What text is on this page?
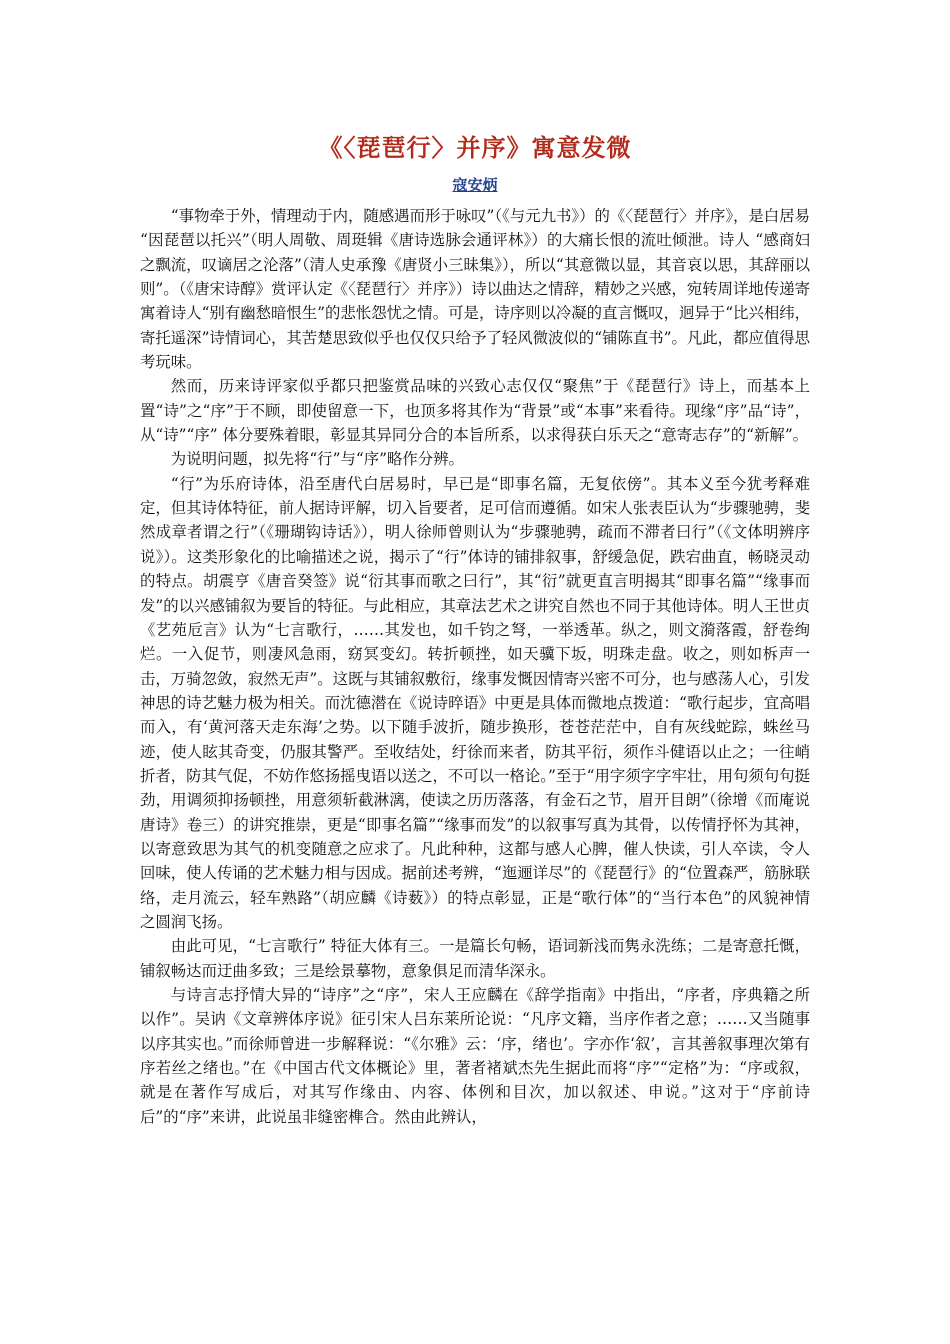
《〈琵琶行〉并序》寓意发微
寇安炳

“事物牵于外，情理动于内，随感遇而形于咏叹”（《与元九书》）的《〈琵琶行〉并序》，是白居易 “因琵琶以托兴”（明人周敬、周珽辑《唐诗选脉会通评林》）的大痛长恨的流吐倾泄。诗人 “感商妇之飘流，叹谪居之沦落”（清人史承豫《唐贤小三昧集》），所以“其意微以显，其音哀以思，其辞丽以则”。（《唐宋诗醇》赏评认定《〈琵琶行〉并序》）诗以曲达之情辞，精妙之兴感，宛转周详地传递寄寓着诗人“别有幽愁暗恨生”的悲怅怨忧之情。可是，诗序则以冷凝的直言慨叹，迥异于“比兴相纬，寄托遥深”诗情词心，其苦楚思致似乎也仅仅只给予了轻风微波似的“铺陈直书”。凡此，都应值得思考玩味。

然而，历来诗评家似乎都只把鉴赏品味的兴致心志仅仅“聚焦”于《琵琶行》诗上，而基本上置“诗”之“序”于不顾，即使留意一下，也顶多将其作为“背景”或“本事”来看待。现缘“序”品“诗”，从“诗”“序” 体分要殊着眼，彰显其异同分合的本旨所系，以求得获白乐天之“意寄志存”的“新解”。

为说明问题，拟先将“行”与“序”略作分辨。

“行”为乐府诗体，沿至唐代白居易时，早已是“即事名篇，无复依傍”。其本义至今犹考释难定，但其诗体特征，前人据诗评解，切入旨要者，足可信而遵循。如宋人张表臣认为“步骤驰骋，斐然成章者谓之行”（《珊瑚钩诗话》），明人徐师曾则认为“步骤驰骋，疏而不滞者曰行”（《文体明辨序说》）。这类形象化的比喻描述之说，揭示了“行”体诗的铺排叙事，舒缓急促，跌宕曲直，畅晓灵动的特点。胡震亨《唐音癸签》说“衍其事而歌之曰行”，其“衍”就更直言明揭其“即事名篇”“缘事而发”的以兴感铺叙为要旨的特征。与此相应，其章法艺术之讲究自然也不同于其他诗体。明人王世贞《艺苑卮言》认为“七言歌行，……其发也，如千钧之弩，一举透革。纵之，则文漪落霞，舒卷绚烂。一入促节，则凄风急雨，窈冥变幻。转折顿挫，如天骥下坂，明珠走盘。收之，则如柝声一击，万骑忽敛，寂然无声”。这既与其铺叙敷衍，缘事发慨因情寄兴密不可分，也与感荡人心，引发神思的诗艺魅力极为相关。而沈德潜在《说诗晬语》中更是具体而微地点拨道：“歌行起步，宜高唱而入，有‘黄河落天走东海’之势。以下随手波折，随步换形，苍苍茫茫中，自有灰线蛇踪，蛛丝马迹，使人眩其奇变，仍服其警严。至收结处，纡徐而来者，防其平衍，须作斗健语以止之；一往峭折者，防其气促，不妨作悠扬摇曳语以送之，不可以一格论。”至于“用字须字字牢壮，用句须句句挺劲，用调须抑扬顿挫，用意须斩截淋漓，使读之历历落落，有金石之节，眉开目朗”（徐增《而庵说唐诗》卷三）的讲究推崇，更是“即事名篇”“缘事而发”的以叙事写真为其骨，以传情抒怀为其神，以寄意致思为其气的机变随意之应求了。凡此种种，这都与感人心脾，催人快读，引人卒读，令人回味，使人传诵的艺术魅力相与因成。据前述考辨，“迤逦详尽”的《琵琶行》的“位置森严，筋脉联络，走月流云，轻车熟路”（胡应麟《诗薮》）的特点彰显，正是“歌行体”的“当行本色”的风貌神情之圆润飞扬。

由此可见，“七言歌行” 特征大体有三。一是篇长句畅，语词新浅而隽永洗练；二是寄意托慨，铺叙畅达而迂曲多致；三是绘景摹物，意象俱足而清华深永。

与诗言志抒情大异的“诗序”之“序”，宋人王应麟在《辞学指南》中指出，“序者，序典籍之所以作”。吴讷《文章辨体序说》征引宋人吕东莱所论说：“凡序文籍，当序作者之意；……又当随事以序其实也。”而徐师曾进一步解释说：“《尔雅》云：‘序，绪也’。字亦作‘叙’，言其善叙事理次第有序若丝之绪也。”在《中国古代文体概论》里，著者褚斌杰先生据此而将“序”“定格”为：“序或叙，就是在著作写成后，对其写作缘由、内容、体例和目次，加以叙述、申说。”这对于“序前诗后”的“序”来讲，此说虽非缝密榫合。然由此辨认，
